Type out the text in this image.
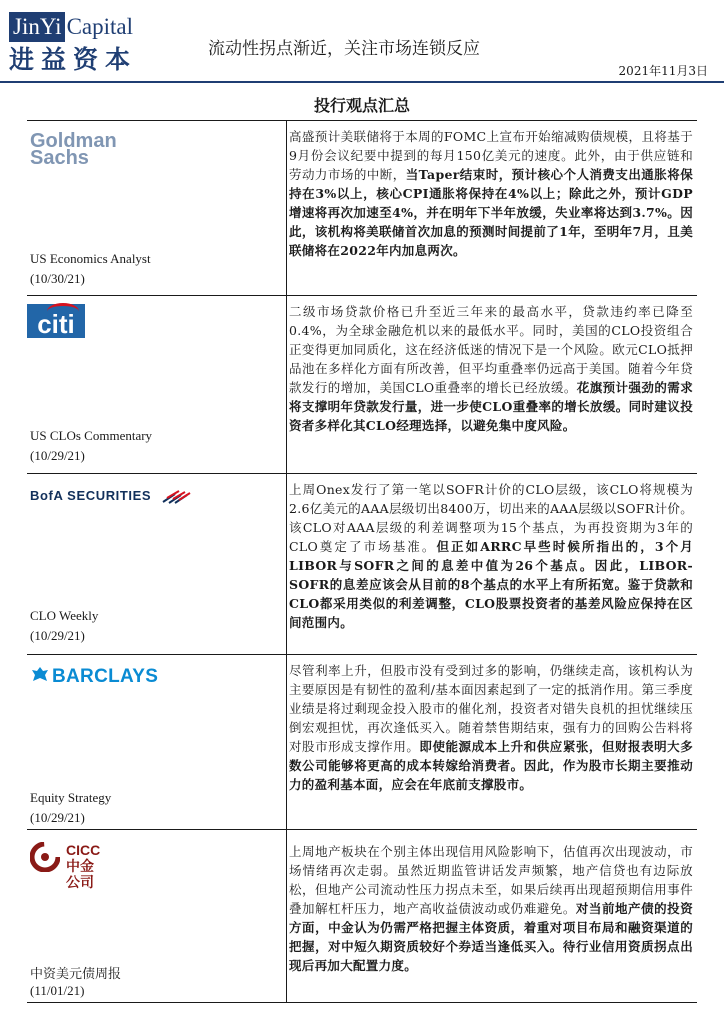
JinYi Capital
进益资本	流动性拐点渐近，关注市场连锁反应
2021年11月3日
投行观点汇总
Goldman
Sachs
US Economics Analyst
(10/30/21)
高盛预计美联储将于本周的FOMC上宣布开始缩减购债规模，且将基于9月份会议纪要中提到的每月150亿美元的速度。此外，由于供应链和劳动力市场的中断，当Taper结束时，预计核心个人消费支出通胀将保持在3%以上，核心CPI通胀将保持在4%以上；除此之外，预计GDP增速将再次加速至4%，并在明年下半年放缓，失业率将达到3.7%。因此，该机构将美联储首次加息的预测时间提前了1年，至明年7月，且美联储将在2022年内加息两次。
citi
US CLOs Commentary
(10/29/21)
二级市场贷款价格已升至近三年来的最高水平，贷款违约率已降至0.4%，为全球金融危机以来的最低水平。同时，美国的CLO投资组合正变得更加同质化，这在经济低迷的情况下是一个风险。欧元CLO抵押品池在多样化方面有所改善，但平均重叠率仍远高于美国。随着今年贷款发行的增加，美国CLO重叠率的增长已经放缓。花旗预计强劲的需求将支撑明年贷款发行量，进一步使CLO重叠率的增长放缓。同时建议投资者多样化其CLO经理选择，以避免集中度风险。
BofA SECURITIES
CLO Weekly
(10/29/21)
上周Onex发行了第一笔以SOFR计价的CLO层级，该CLO将规模为2.6亿美元的AAA层级切出8400万，切出来的AAA层级以SOFR计价。该CLO对AAA层级的利差调整项为15个基点，为再投资期为3年的CLO奠定了市场基准。但正如ARRC早些时候所指出的，3个月LIBOR与SOFR之间的息差中值为26个基点。因此，LIBOR-SOFR的息差应该会从目前的8个基点的水平上有所拓宽。鉴于贷款和CLO都采用类似的利差调整，CLO股票投资者的基差风险应保持在区间范围内。
BARCLAYS
Equity Strategy
(10/29/21)
尽管利率上升，但股市没有受到过多的影响，仍继续走高，该机构认为主要原因是有韧性的盈利/基本面因素起到了一定的抵消作用。第三季度业绩是将过剩现金投入股市的催化剂，投资者对错失良机的担忧继续压倒宏观担忧，再次逢低买入。随着禁售期结束，强有力的回购公告料将对股市形成支撑作用。即使能源成本上升和供应紧张，但财报表明大多数公司能够将更高的成本转嫁给消费者。因此，作为股市长期主要推动力的盈利基本面，应会在年底前支撑股市。
CICC
中金公司
中资美元债周报
(11/01/21)
上周地产板块在个别主体出现信用风险影响下，估值再次出现波动，市场情绪再次走弱。虽然近期监管讲话发声频繁，地产信贷也有边际放松，但地产公司流动性压力拐点未至，如果后续再出现超预期信用事件叠加解杠杆压力，地产高收益债波动或仍难避免。对当前地产债的投资方面，中金认为仍需严格把握主体资质，着重对项目布局和融资渠道的把握，对中短久期资质较好个券适当逢低买入。待行业信用资质拐点出现后再加大配置力度。
